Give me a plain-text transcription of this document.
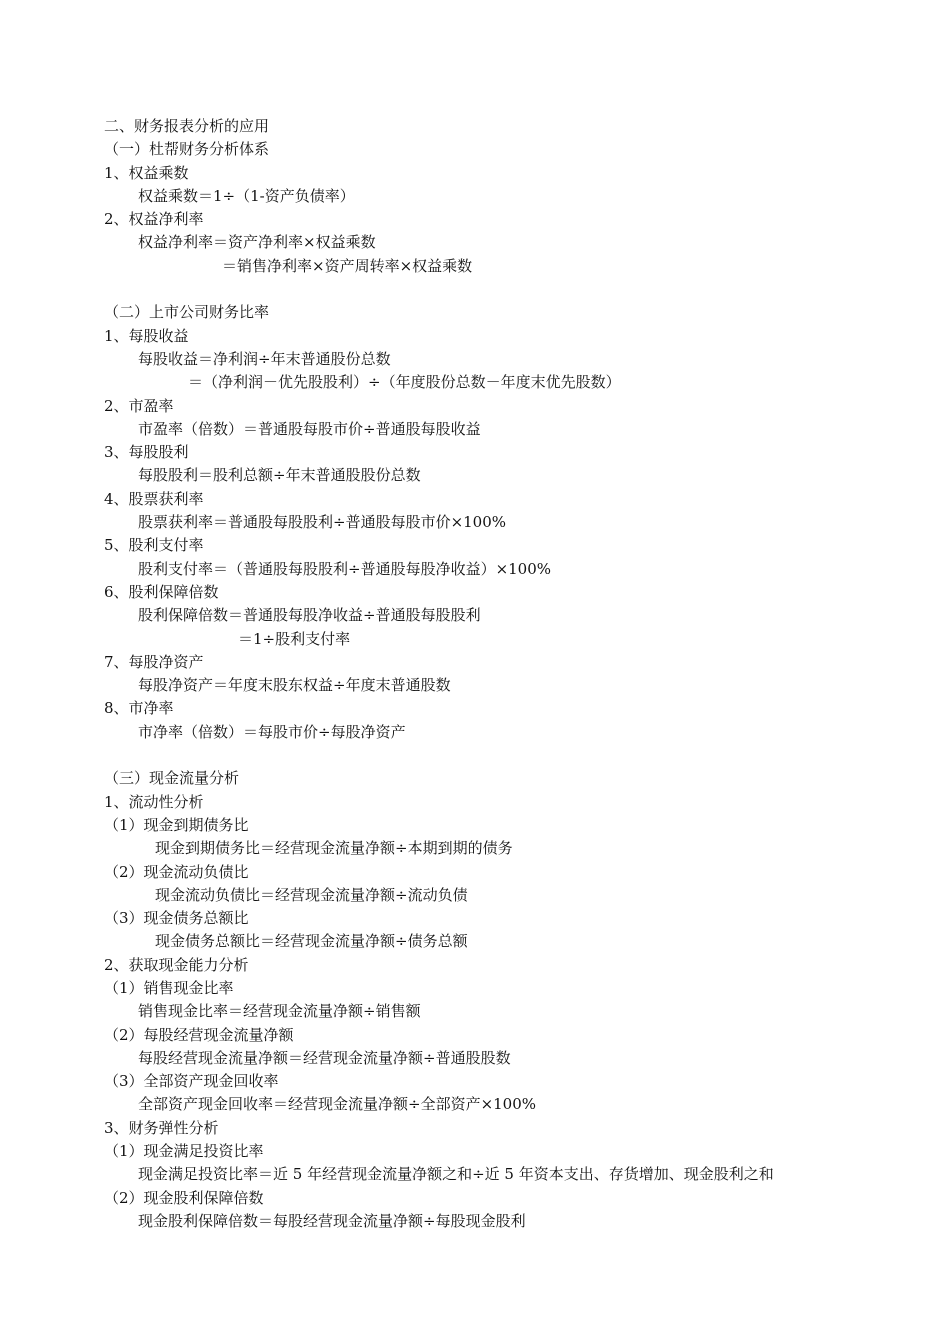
二、财务报表分析的应用
（一）杜帮财务分析体系
1、权益乘数
权益乘数＝1÷（1-资产负债率）
2、权益净利率
权益净利率＝资产净利率×权益乘数
＝销售净利率×资产周转率×权益乘数
（二）上市公司财务比率
1、每股收益
每股收益＝净利润÷年末普通股份总数
＝（净利润－优先股股利）÷（年度股份总数－年度末优先股数）
2、市盈率
市盈率（倍数）＝普通股每股市价÷普通股每股收益
3、每股股利
每股股利＝股利总额÷年末普通股股份总数
4、股票获利率
股票获利率＝普通股每股股利÷普通股每股市价×100%
5、股利支付率
股利支付率＝（普通股每股股利÷普通股每股净收益）×100%
6、股利保障倍数
股利保障倍数＝普通股每股净收益÷普通股每股股利
＝1÷股利支付率
7、每股净资产
每股净资产＝年度末股东权益÷年度末普通股数
8、市净率
市净率（倍数）＝每股市价÷每股净资产
（三）现金流量分析
1、流动性分析
（1）现金到期债务比
现金到期债务比＝经营现金流量净额÷本期到期的债务
（2）现金流动负债比
现金流动负债比＝经营现金流量净额÷流动负债
（3）现金债务总额比
现金债务总额比＝经营现金流量净额÷债务总额
2、获取现金能力分析
（1）销售现金比率
销售现金比率＝经营现金流量净额÷销售额
（2）每股经营现金流量净额
每股经营现金流量净额＝经营现金流量净额÷普通股股数
（3）全部资产现金回收率
全部资产现金回收率＝经营现金流量净额÷全部资产×100%
3、财务弹性分析
（1）现金满足投资比率
现金满足投资比率＝近 5 年经营现金流量净额之和÷近 5 年资本支出、存货增加、现金股利之和
（2）现金股利保障倍数
现金股利保障倍数＝每股经营现金流量净额÷每股现金股利
